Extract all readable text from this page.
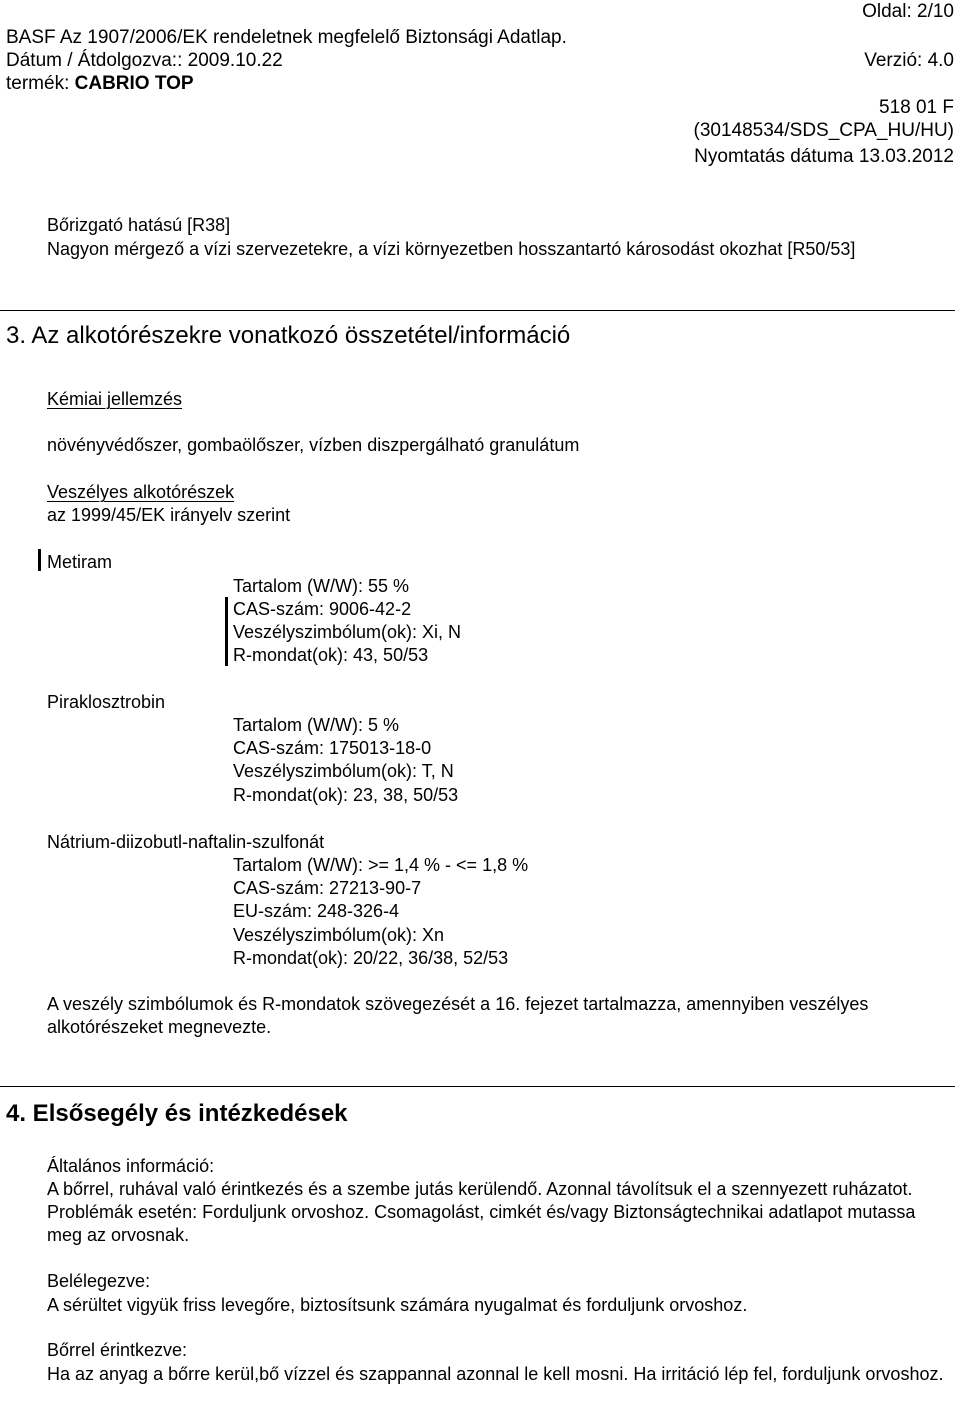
Oldal: 2/10
BASF Az 1907/2006/EK rendeletnek megfelelő Biztonsági Adatlap.
Dátum / Átdolgozva:: 2009.10.22	Verzió: 4.0
termék: CABRIO TOP
518 01 F
(30148534/SDS_CPA_HU/HU)
Nyomtatás dátuma 13.03.2012
Bőrizgató hatású [R38]
Nagyon mérgező a vízi szervezetekre, a vízi környezetben hosszantartó károsodást okozhat [R50/53]
3. Az alkotórészekre vonatkozó összetétel/információ
Kémiai jellemzés
növényvédőszer, gombaölőszer, vízben diszpergálható granulátum
Veszélyes alkotórészek
az 1999/45/EK irányelv szerint
Metiram
Tartalom (W/W): 55 %
CAS-szám: 9006-42-2
Veszélyszimbólum(ok): Xi, N
R-mondat(ok): 43, 50/53
Piraklosztrobin
Tartalom (W/W): 5 %
CAS-szám: 175013-18-0
Veszélyszimbólum(ok): T, N
R-mondat(ok): 23, 38, 50/53
Nátrium-diizobutl-naftalin-szulfonát
Tartalom (W/W): >= 1,4 % - <= 1,8 %
CAS-szám: 27213-90-7
EU-szám: 248-326-4
Veszélyszimbólum(ok): Xn
R-mondat(ok): 20/22, 36/38, 52/53
A veszély szimbólumok és R-mondatok szövegezését a 16. fejezet tartalmazza, amennyiben veszélyes alkotórészeket megnevezte.
4. Elsősegély és intézkedések
Általános információ:
A bőrrel, ruhával való érintkezés és a szembe jutás kerülendő. Azonnal távolítsuk el a szennyezett ruházatot. Problémák esetén: Forduljunk orvoshoz. Csomagolást, cimkét és/vagy Biztonságtechnikai adatlapot mutassa meg az orvosnak.
Belélegezve:
A sérültet vigyük friss levegőre, biztosítsunk számára nyugalmat és forduljunk orvoshoz.
Bőrrel érintkezve:
Ha az anyag a bőrre kerül,bő vízzel és szappannal azonnal le kell mosni. Ha irritáció lép fel, forduljunk orvoshoz.
